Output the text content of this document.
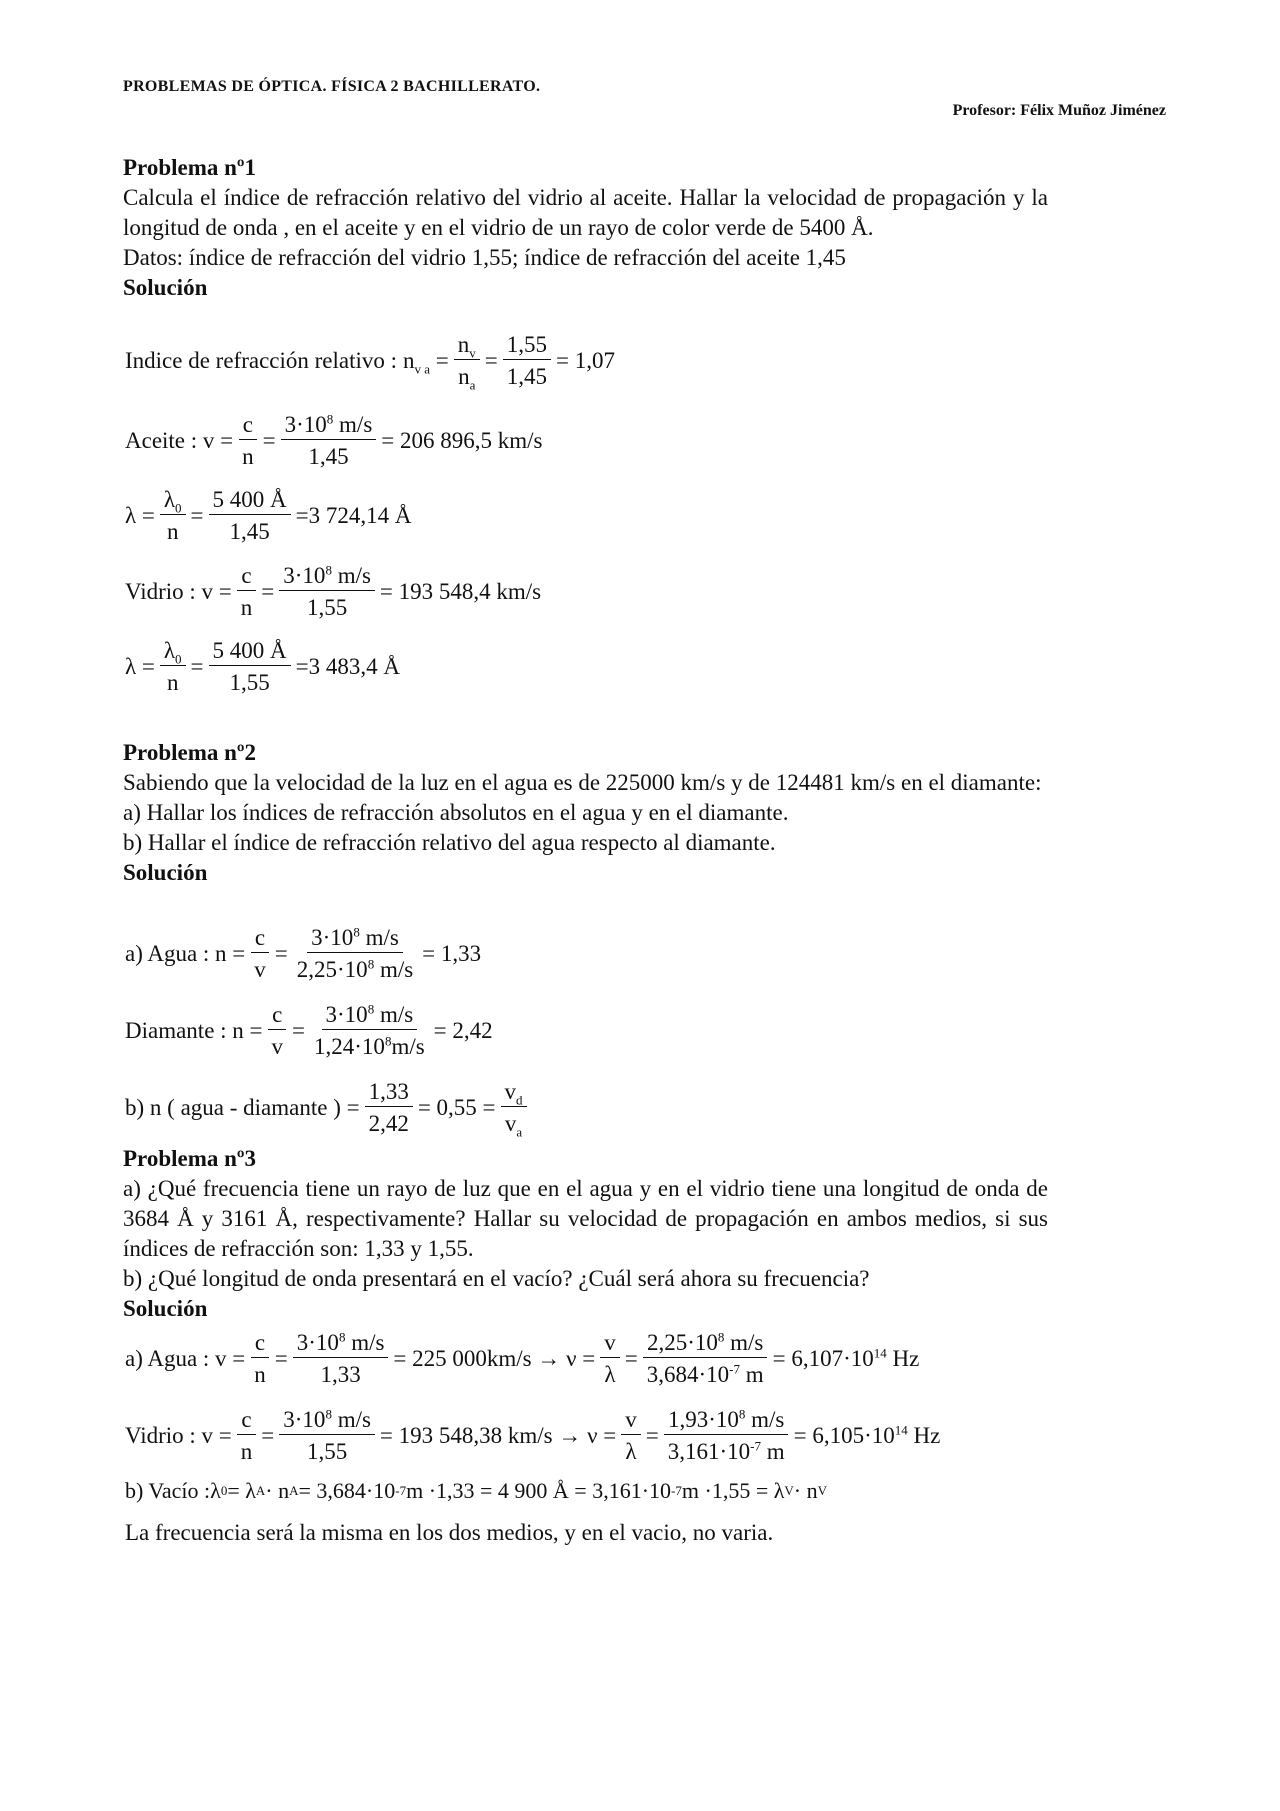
PROBLEMAS DE ÓPTICA. FÍSICA 2 BACHILLERATO.
Profesor: Félix Muñoz Jiménez
Problema nº1
Calcula el índice de refracción relativo del vidrio al aceite. Hallar la velocidad de propagación y la longitud de onda , en el aceite y en el vidrio de un rayo de color verde de 5400 Å.
Datos: índice de refracción del vidrio 1,55; índice de refracción del aceite 1,45
Solución
Indice de refracción relativo : $n_{v a} = \frac{n_v}{n_a} = \frac{1,55}{1,45} = 1,07$
Aceite : $v = \frac{c}{n} = \frac{3\cdot 10^8 m/s}{1,45} = 206$ 896,5 km/s
$\lambda = \frac{\lambda_0}{n} = \frac{5 400 Å}{1,45} =3$ 724,14 Å
Vidrio : $v = \frac{c}{n} = \frac{3\cdot 10^8 m/s}{1,55} = 193$ 548,4 km/s
$\lambda = \frac{\lambda_0}{n} = \frac{5 400 Å}{1,55} =3$ 483,4 Å
Problema nº2
Sabiendo que la velocidad de la luz en el agua es de 225000 km/s y de 124481 km/s en el diamante:
a) Hallar los índices de refracción absolutos en el agua y en el diamante.
b) Hallar el índice de refracción relativo del agua respecto al diamante.
Solución
a) Agua : $n = \frac{c}{v} = \frac{3\cdot 10^8 m/s}{2,25\cdot 10^8 m/s} = 1,33$
Diamante : $n = \frac{c}{v} = \frac{3\cdot 10^8 m/s}{1,24\cdot 10^8m/s} = 2,42$
b) n ( agua - diamante ) = $\frac{1,33}{2,42} = 0,55 = \frac{v_d}{v_a}$
Problema nº3
a) ¿Qué frecuencia tiene un rayo de luz que en el agua y en el vidrio tiene una longitud de onda de 3684 Å y 3161 Å, respectivamente? Hallar su velocidad de propagación en ambos medios, si sus índices de refracción son: 1,33 y 1,55.
b) ¿Qué longitud de onda presentará en el vacío? ¿Cuál será ahora su frecuencia?
Solución
a) Agua : $v = \frac{c}{n} = \frac{3\cdot 10^8 m/s}{1,33} = 225$ $000km/s \to \nu = \frac{v}{\lambda} = \frac{2,25\cdot 10^8 m/s}{3,684\cdot 10^{-7} m} = 6,107\cdot 10^{14}$ Hz
Vidrio : $v = \frac{c}{n} = \frac{3\cdot 10^8 m/s}{1,55} = 193$ 548,38 $km/s \to \nu = \frac{v}{\lambda} = \frac{1,93\cdot 10^8 m/s}{3,161\cdot 10^{-7} m} = 6,105\cdot 10^{14}$ Hz
b) Vacío :λ 0 = λ A · n A = 3,684·10 -7 m ·1,33 = 4 900 Å = 3,161·10 -7 m ·1,55 = λ V · n V
La frecuencia será la misma en los dos medios, y en el vacio, no varia.
